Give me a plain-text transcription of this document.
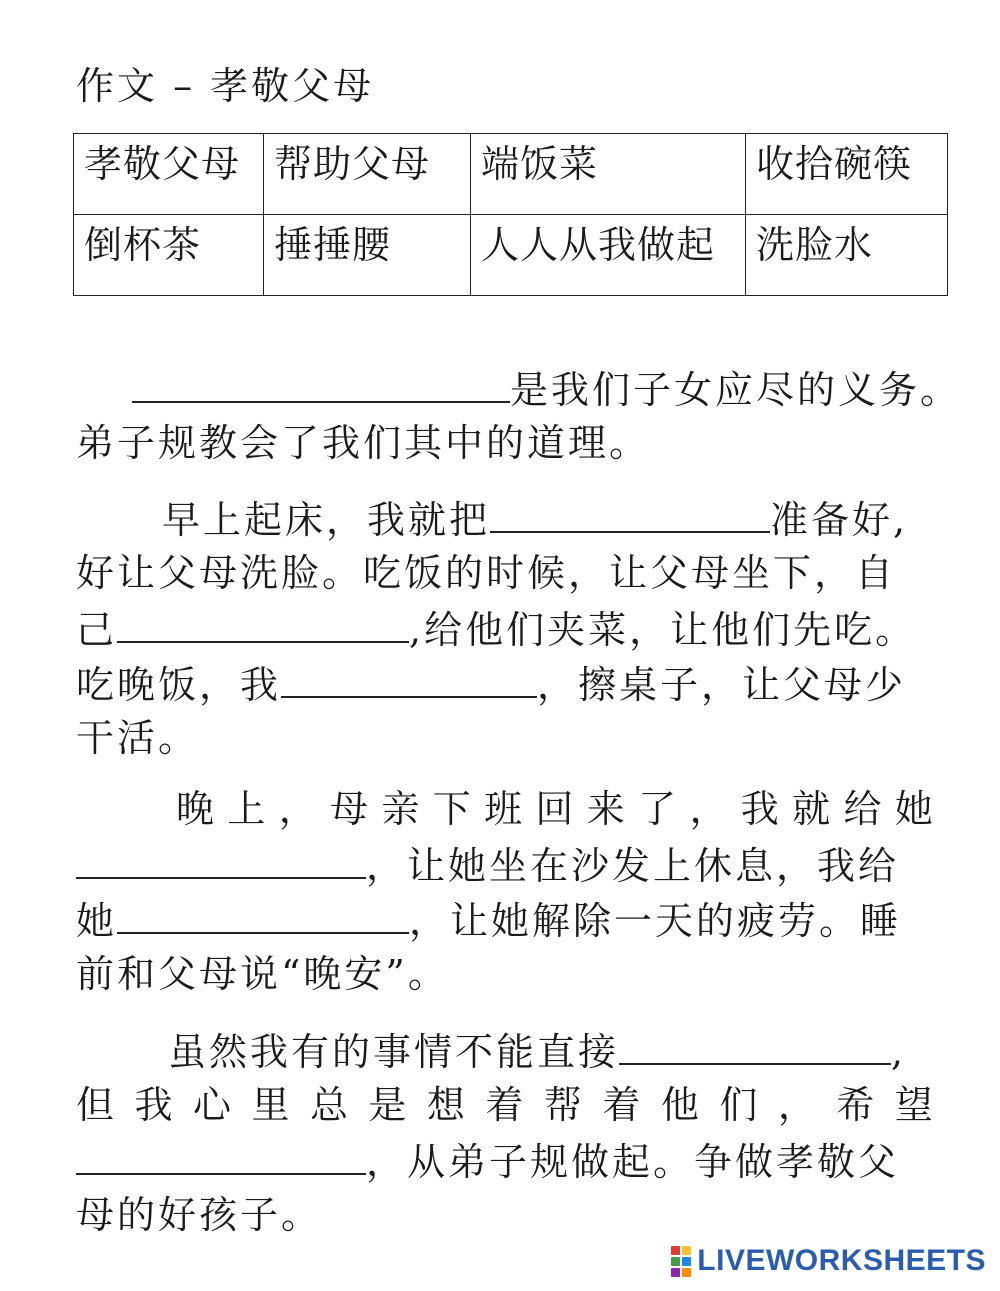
作文 – 孝敬父母
孝敬父母	帮助父母	端饭菜	收拾碗筷
倒杯茶	捶捶腰	人人从我做起	洗脸水
是我们子女应尽的义务。
弟子规教会了我们其中的道理。
早上起床，我就把	准备好,
好让父母洗脸。吃饭的时候，让父母坐下，自
己	,给他们夹菜，让他们先吃。
吃晚饭，我	，擦桌子，让父母少
干活。
晚 上 ， 母 亲 下 班 回 来 了 ， 我 就 给 她
，让她坐在沙发上休息，我给
她	，让她解除一天的疲劳。睡
前和父母说“晚安”。
虽然我有的事情不能直接	,
但 我 心 里 总 是 想 着 帮 着 他 们 ， 希 望
，从弟子规做起。争做孝敬父
母的好孩子。
LIVEWORKSHEETS
